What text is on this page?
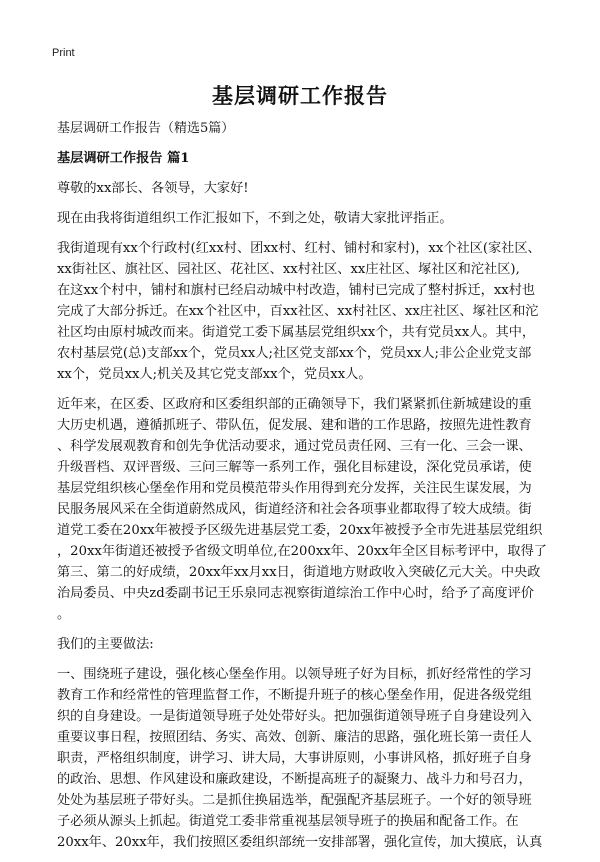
Print
基层调研工作报告
基层调研工作报告（精选5篇）
基层调研工作报告 篇1
尊敬的xx部长、各领导，大家好!
现在由我将街道组织工作汇报如下，不到之处，敬请大家批评指正。
我街道现有xx个行政村(红xx村、团xx村、红村、铺村和家村)，xx个社区(家社区、
xx街社区、旗社区、园社区、花社区、xx村社区、xx庄社区、塚社区和沱社区),
在这xx个村中，铺村和旗村已经启动城中村改造，铺村已完成了整村拆迁，xx村也
完成了大部分拆迁。在xx个社区中，百xx社区、xx村社区、xx庄社区、塚社区和沱
社区均由原村城改而来。街道党工委下属基层党组织xx个，共有党员xx人。其中，
农村基层党(总)支部xx个，党员xx人;社区党支部xx个，党员xx人;非公企业党支部
xx个，党员xx人;机关及其它党支部xx个，党员xx人。
近年来，在区委、区政府和区委组织部的正确领导下，我们紧紧抓住新城建设的重
大历史机遇，遵循抓班子、带队伍，促发展、建和谐的工作思路，按照先进性教育
、科学发展观教育和创先争优活动要求，通过党员责任网、三有一化、三会一课、
升级晋档、双评晋级、三问三解等一系列工作，强化目标建设，深化党员承诺，使
基层党组织核心堡垒作用和党员模范带头作用得到充分发挥，关注民生谋发展，为
民服务展风采在全街道蔚然成风，街道经济和社会各项事业都取得了较大成绩。街
道党工委在20xx年被授予区级先进基层党工委，20xx年被授予全市先进基层党组织
，20xx年街道还被授予省级文明单位,在200xx年、20xx年全区目标考评中，取得了
第三、第二的好成绩，20xx年xx月xx日，街道地方财政收入突破亿元大关。中央政
治局委员、中央zd委副书记王乐泉同志视察街道综治工作中心时，给予了高度评价
。
我们的主要做法:
一、围绕班子建设，强化核心堡垒作用。以领导班子好为目标，抓好经常性的学习
教育工作和经常性的管理监督工作，不断提升班子的核心堡垒作用，促进各级党组
织的自身建设。一是街道领导班子处处带好头。把加强街道领导班子自身建设列入
重要议事日程，按照团结、务实、高效、创新、廉洁的思路，强化班长第一责任人
职责，严格组织制度，讲学习、讲大局，大事讲原则，小事讲风格，抓好班子自身
的政治、思想、作风建设和廉政建设，不断提高班子的凝聚力、战斗力和号召力，
处处为基层班子带好头。二是抓住换届选举，配强配齐基层班子。一个好的领导班
子必须从源头上抓起。街道党工委非常重视基层领导班子的换届和配备工作。在
20xx年、20xx年，我们按照区委组织部统一安排部署，强化宣传，加大摸底，认真
